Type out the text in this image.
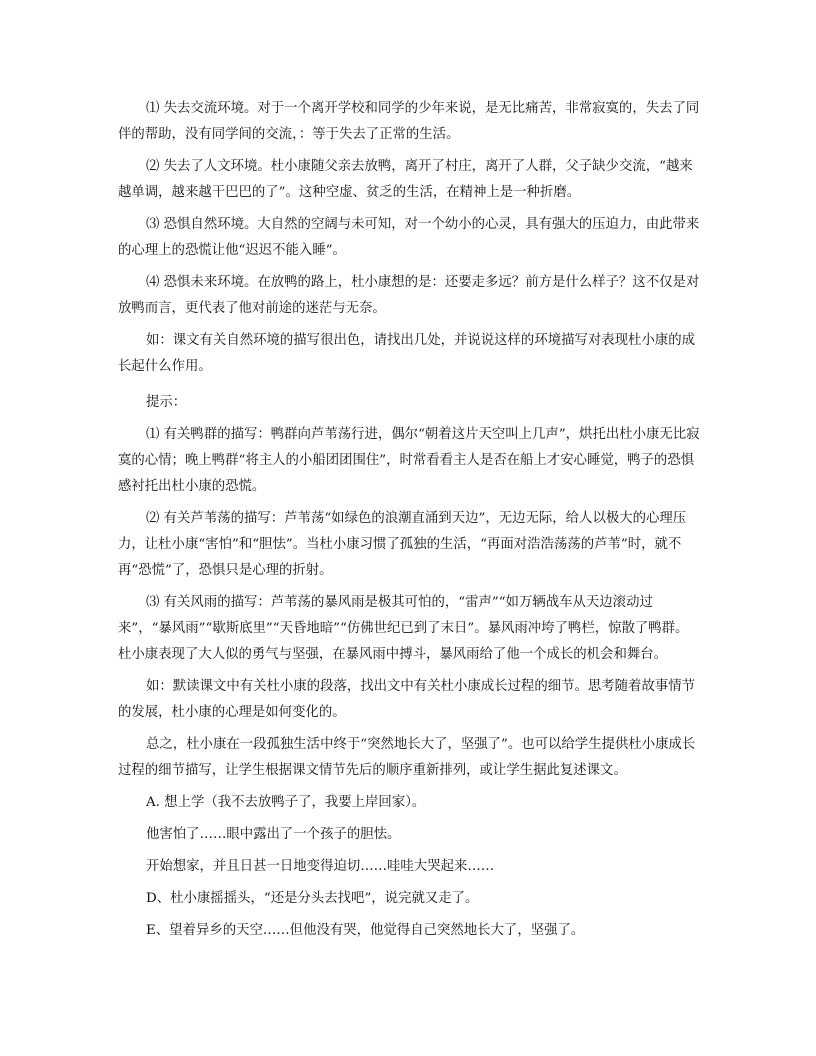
⑴ 失去交流环境。对于一个离开学校和同学的少年来说，是无比痛苦，非常寂寞的，失去了同伴的帮助，没有同学间的交流，：等于失去了正常的生活。

⑵ 失去了人文环境。杜小康随父亲去放鸭，离开了村庄，离开了人群，父子缺少交流，“越来越单调，越来越干巴巴的了”。这种空虚、贫乏的生活，在精神上是一种折磨。

⑶ 恐惧自然环境。大自然的空阔与未可知，对一个幼小的心灵，具有强大的压迫力，由此带来的心理上的恐慌让他“迟迟不能入睡”。

⑷ 恐惧未来环境。在放鸭的路上，杜小康想的是：还要走多远？前方是什么样子？这不仅是对放鸭而言，更代表了他对前途的迷茫与无奈。

如：课文有关自然环境的描写很出色，请找出几处，并说说这样的环境描写对表现杜小康的成长起什么作用。

提示：

⑴ 有关鸭群的描写：鸭群向芦苇荡行进，偶尔“朝着这片天空叫上几声”，烘托出杜小康无比寂寞的心情；晚上鸭群“将主人的小船团团围住”，时常看看主人是否在船上才安心睡觉，鸭子的恐惧感衬托出杜小康的恐慌。

⑵ 有关芦苇荡的描写：芦苇荡“如绿色的浪潮直涌到天边”，无边无际，给人以极大的心理压力，让杜小康“害怕”和“胆怯”。当杜小康习惯了孤独的生活，“再面对浩浩荡荡的芦苇”时，就不再“恐慌”了，恐惧只是心理的折射。

⑶ 有关风雨的描写：芦苇荡的暴风雨是极其可怕的，“雷声”“如万辆战车从天边滚动过来”，“暴风雨”“歇斯底里”“天昏地暗”“仿佛世纪已到了末日”。暴风雨冲垮了鸭栏，惊散了鸭群。杜小康表现了大人似的勇气与坚强，在暴风雨中搏斗，暴风雨给了他一个成长的机会和舞台。

如：默读课文中有关杜小康的段落，找出文中有关杜小康成长过程的细节。思考随着故事情节的发展，杜小康的心理是如何变化的。

总之，杜小康在一段孤独生活中终于“突然地长大了，坚强了”。也可以给学生提供杜小康成长过程的细节描写，让学生根据课文情节先后的顺序重新排列，或让学生据此复述课文。

A. 想上学（我不去放鸭子了，我要上岸回家）。

他害怕了……眼中露出了一个孩子的胆怯。

开始想家，并且日甚一日地变得迫切……哇哇大哭起来……

D、杜小康摇摇头，“还是分头去找吧”，说完就又走了。

E、望着异乡的天空……但他没有哭，他觉得自己突然地长大了，坚强了。
